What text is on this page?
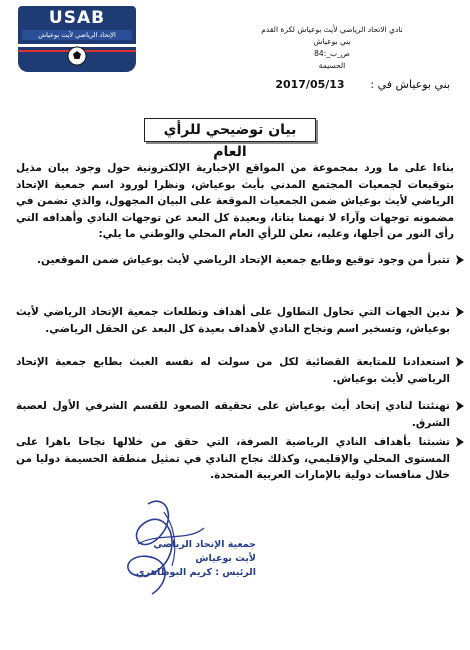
USAB
الإتحاد الرياضي لأيت بوعياش
نادي الاتحاد الرياضي لأيث بوعياش لكرة القدم
بني بوعياش
ص_ب_:84
الحسيمة
بني بوعياش في : 2017/05/13
بيان توضيحي للرأي العام
بناءا على ما ورد بمجموعة من المواقع الإخبارية الإلكترونية حول وجود بيان مذيل بتوقيعات لجمعيات المجتمع المدني بأيث بوعياش، ونظرا لورود اسم جمعية الإتحاد الرياضي لأيث بوعياش ضمن الجمعيات الموقعة على البيان المجهول، والذي تضمن في مضمونه توجهات وآراء لا تهمنا بتاتا، وبعيدة كل البعد عن توجهات النادي وأهدافه التي رأى النور من أجلها، وعليه، نعلن للرأي العام المحلي والوطني ما يلي:
تتبرأ من وجود توقيع وطابع جمعية الإتحاد الرياضي لأيث بوعياش ضمن الموقعين.
ندين الجهات التي تحاول التطاول على أهداف وتطلعات جمعية الإتحاد الرياضي لأيث بوعياش، وتسخير اسم ونجاح النادي لأهداف بعيدة كل البعد عن الحقل الرياضي.
استعدادنا للمتابعة القضائية لكل من سولت له نفسه العبث بطابع جمعية الإتحاد الرياضي لأيث بوعياش.
تهنئتنا لنادي إتحاد أيث بوعياش على تحقيقه الصعود للقسم الشرفي الأول لعصبة الشرق.
تشبثنا بأهداف النادي الرياضية الصرفة، التي حقق من خلالها نجاحا باهرا على المستوى المحلي والإقليمي، وكذلك نجاح النادي في تمثيل منطقة الحسيمة دوليا من خلال منافسات دولية بالإمارات العربية المتحدة.
جمعية الإتحاد الرياضي
لأيث بوعياش
الرئيس : كريم البوطاهري
